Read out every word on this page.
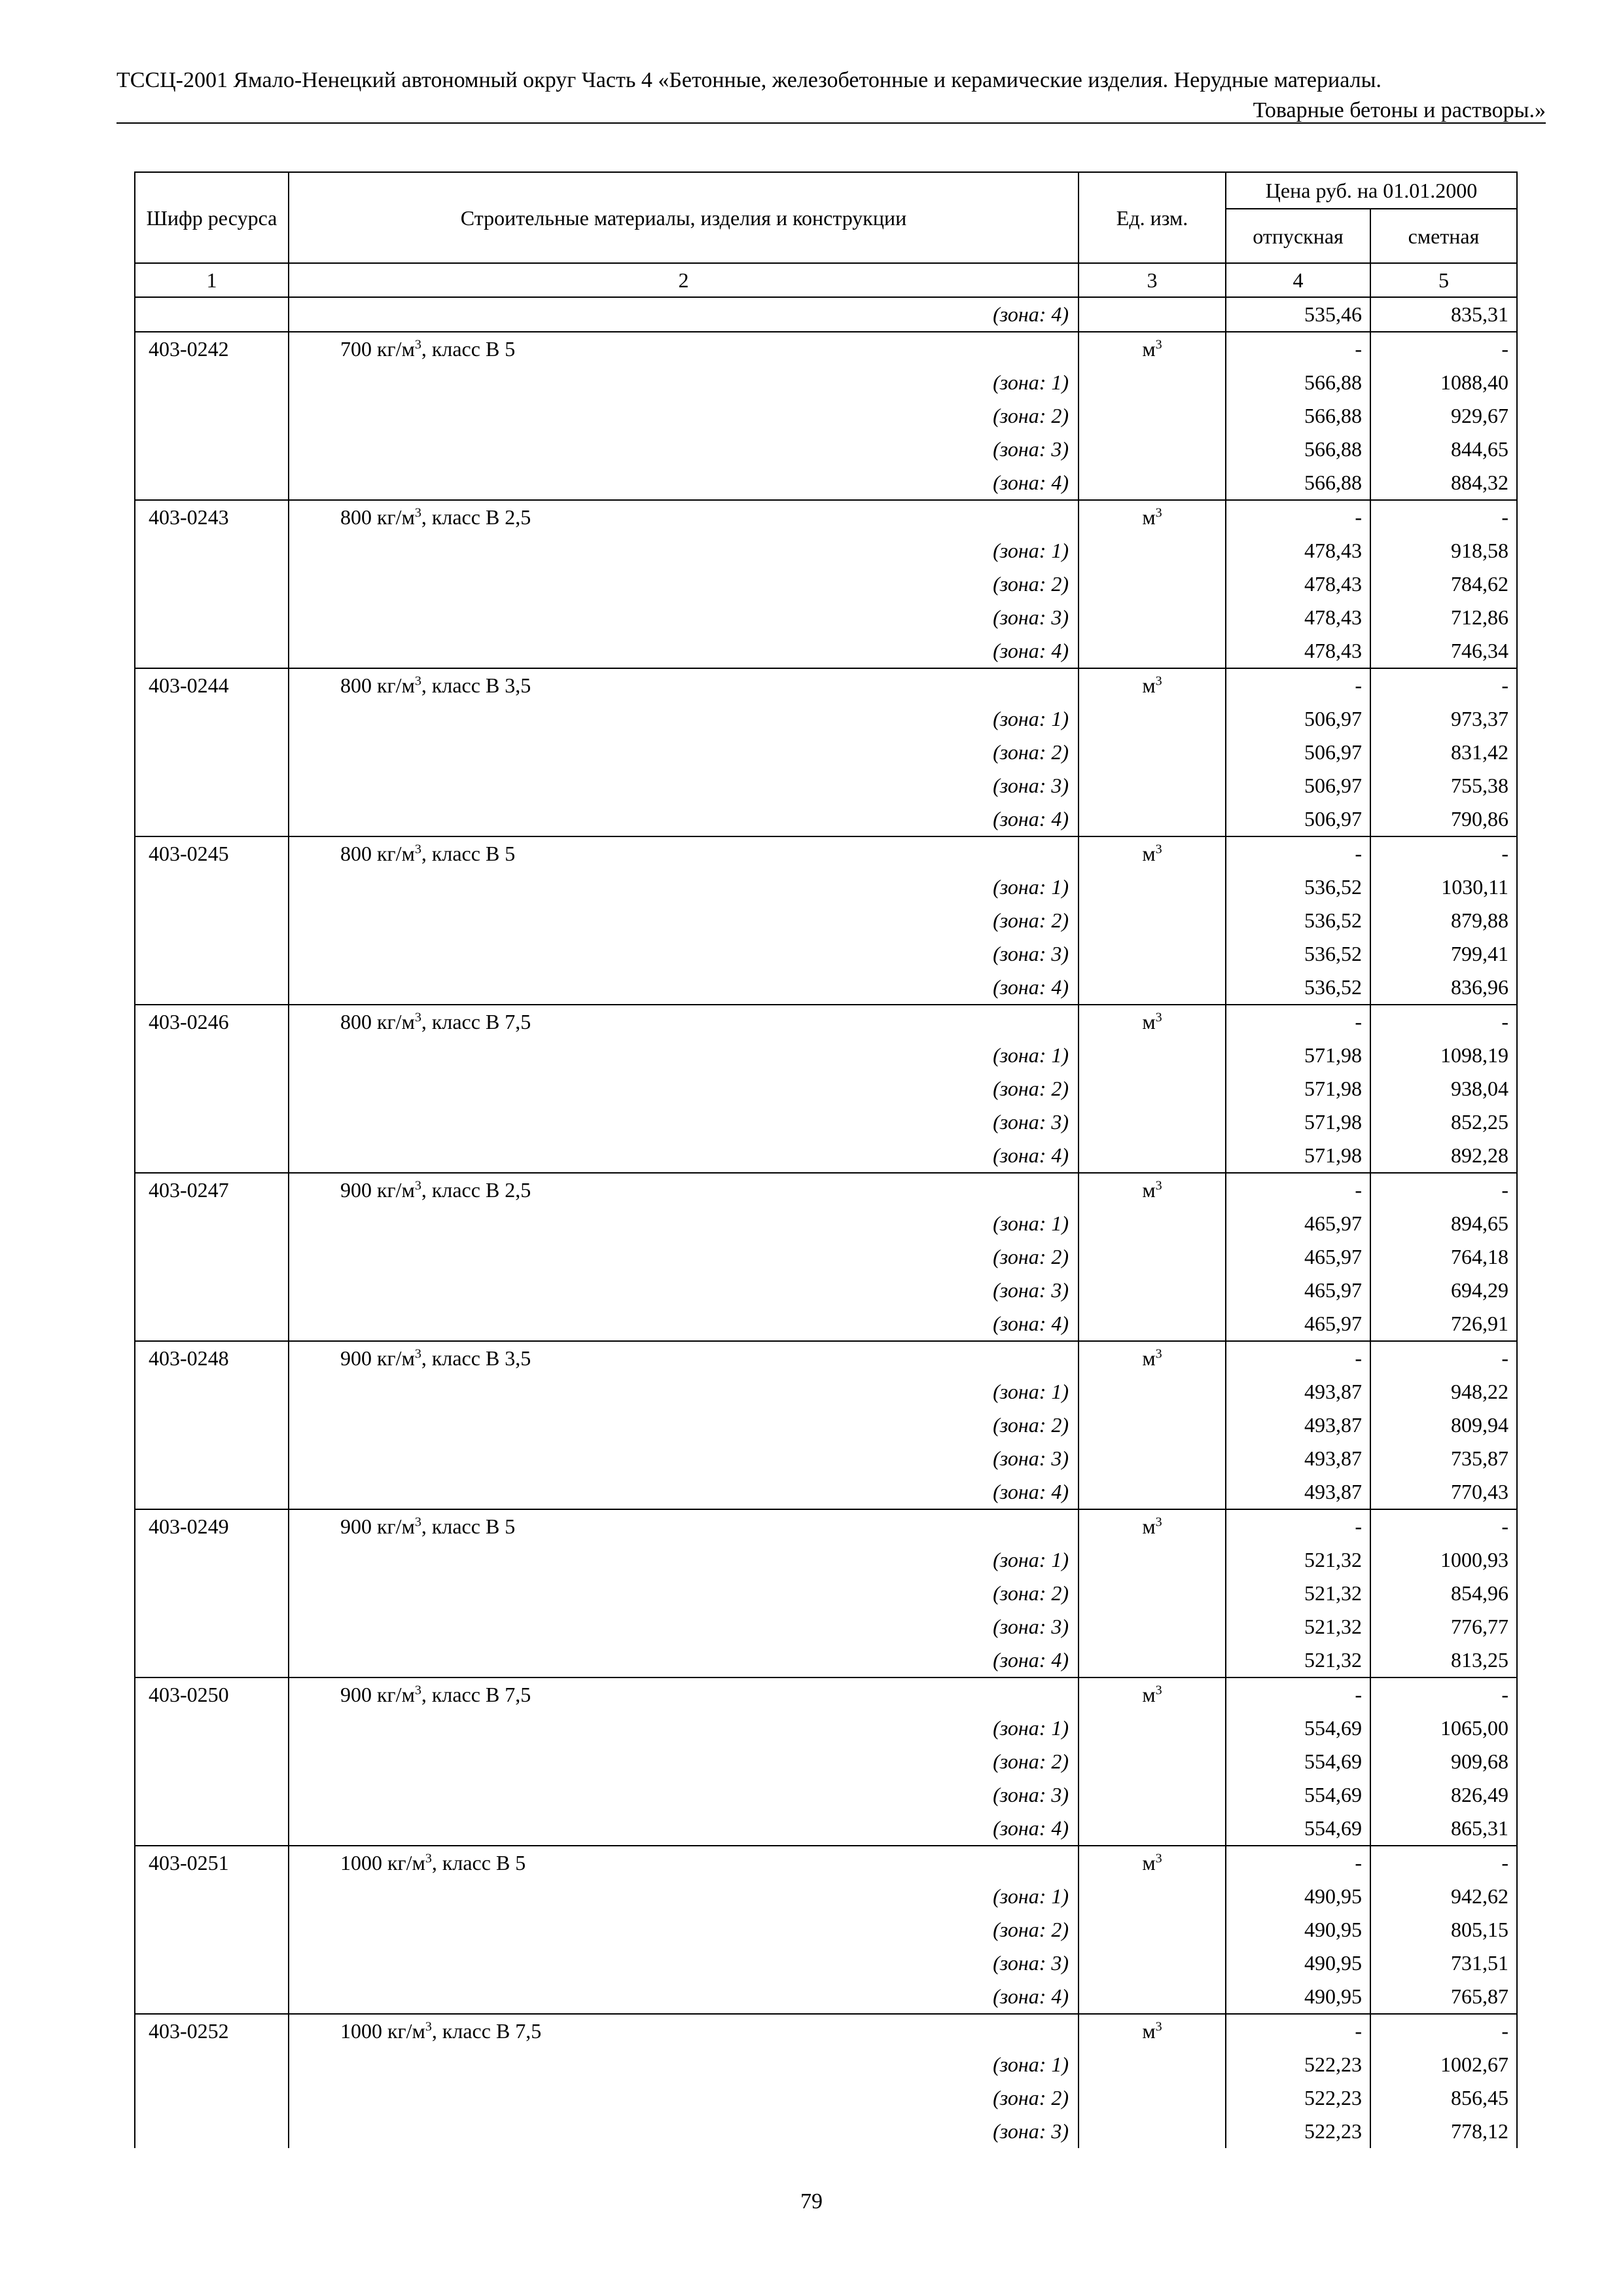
ТССЦ-2001 Ямало-Ненецкий автономный округ Часть 4 «Бетонные, железобетонные и керамические изделия. Нерудные материалы.
Товарные бетоны и растворы.»
Шифр ресурса	Строительные материалы, изделия и конструкции	Ед. изм.	Цена руб. на 01.01.2000	
			отпускная	сметная
1	2	3	4	5
	(зона: 4)		535,46	835,31
403-0242	700 $кг/м^3$, класс В 5	$м^3$	-	-
	(зона: 1)		566,88	1088,40
	(зона: 2)		566,88	929,67
	(зона: 3)		566,88	844,65
	(зона: 4)		566,88	884,32
403-0243	800 $кг/м^3$, класс В 2,5	$м^3$	-	-
	(зона: 1)		478,43	918,58
	(зона: 2)		478,43	784,62
	(зона: 3)		478,43	712,86
	(зона: 4)		478,43	746,34
403-0244	800 $кг/м^3$, класс В 3,5	$м^3$	-	-
	(зона: 1)		506,97	973,37
	(зона: 2)		506,97	831,42
	(зона: 3)		506,97	755,38
	(зона: 4)		506,97	790,86
403-0245	800 $кг/м^3$, класс В 5	$м^3$	-	-
	(зона: 1)		536,52	1030,11
	(зона: 2)		536,52	879,88
	(зона: 3)		536,52	799,41
	(зона: 4)		536,52	836,96
403-0246	800 $кг/м^3$, класс В 7,5	$м^3$	-	-
	(зона: 1)		571,98	1098,19
	(зона: 2)		571,98	938,04
	(зона: 3)		571,98	852,25
	(зона: 4)		571,98	892,28
403-0247	900 $кг/м^3$, класс В 2,5	$м^3$	-	-
	(зона: 1)		465,97	894,65
	(зона: 2)		465,97	764,18
	(зона: 3)		465,97	694,29
	(зона: 4)		465,97	726,91
403-0248	900 $кг/м^3$, класс В 3,5	$м^3$	-	-
	(зона: 1)		493,87	948,22
	(зона: 2)		493,87	809,94
	(зона: 3)		493,87	735,87
	(зона: 4)		493,87	770,43
403-0249	900 $кг/м^3$, класс В 5	$м^3$	-	-
	(зона: 1)		521,32	1000,93
	(зона: 2)		521,32	854,96
	(зона: 3)		521,32	776,77
	(зона: 4)		521,32	813,25
403-0250	900 $кг/м^3$, класс В 7,5	$м^3$	-	-
	(зона: 1)		554,69	1065,00
	(зона: 2)		554,69	909,68
	(зона: 3)		554,69	826,49
	(зона: 4)		554,69	865,31
403-0251	1000 $кг/м^3$, класс В 5	$м^3$	-	-
	(зона: 1)		490,95	942,62
	(зона: 2)		490,95	805,15
	(зона: 3)		490,95	731,51
	(зона: 4)		490,95	765,87
403-0252	1000 $кг/м^3$, класс В 7,5	$м^3$	-	-
	(зона: 1)		522,23	1002,67
	(зона: 2)		522,23	856,45
	(зона: 3)		522,23	778,12
79
